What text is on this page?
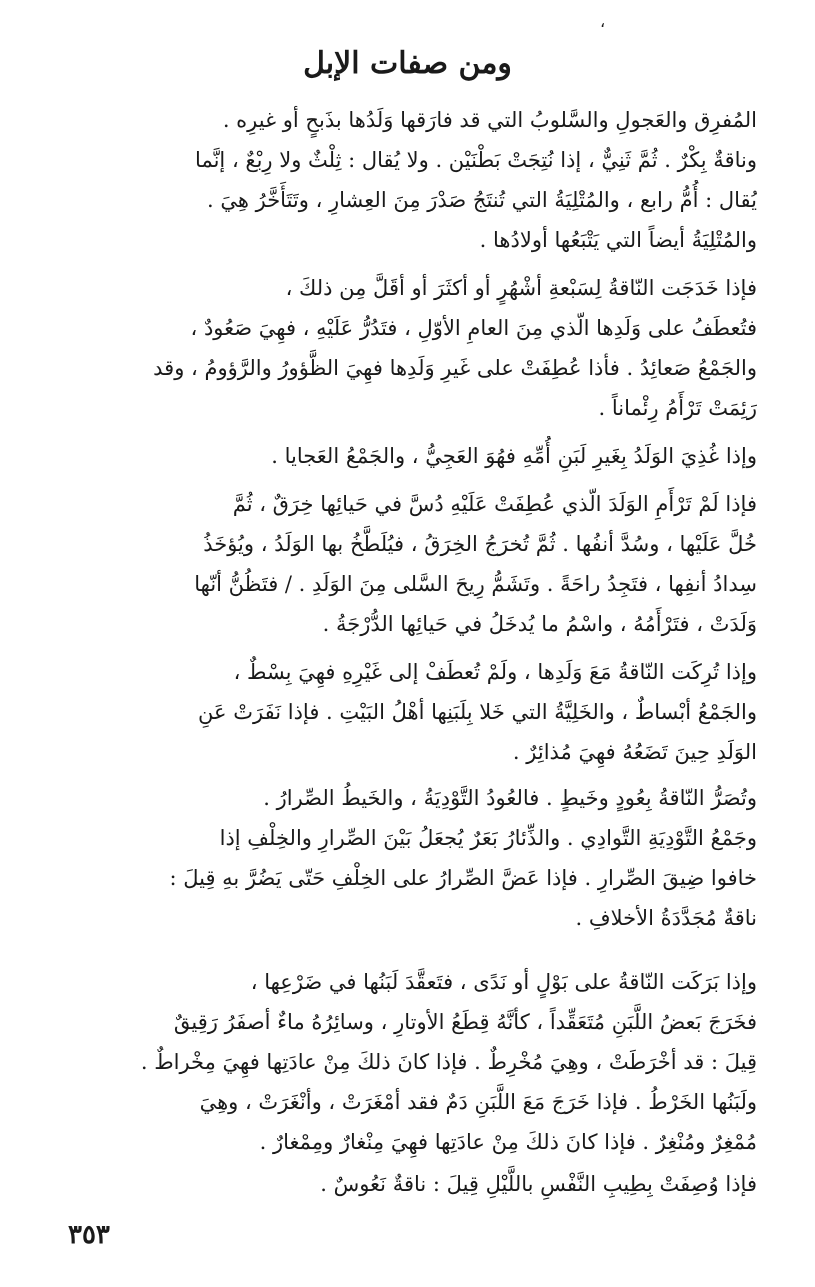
،
ومن صفات الإبل
المُفرِق والعَجولِ والسَّلوبُ التي قد فارَقها وَلَدُها بذَبحٍ أو غيرِه .
وناقةٌ بِكْرٌ . ثُمَّ ثَنِيٌّ ، إذا نُتِجَتْ بَطْنَيْن . ولا يُقال : ثِلْثٌ ولا رِبْعٌ ، إنَّما
يُقال : أُمُّ رابع ، والمُتْلِيَةُ التي تُنتَجُ صَدْرَ مِنَ العِشارِ ، وتَتَأَخَّرُ هِيَ .
والمُتْلِيَةُ أيضاً التي يَتْبَعُها أولادُها .
فإذا خَدَجَت النّاقةُ لِسَبْعةِ أشْهُرٍ أو أكثَرَ أو أقَلَّ مِن ذلكَ ،
فتُعطَفُ على وَلَدِها الّذي مِنَ العامِ الأوّلِ ، فتَدُرُّ عَلَيْهِ ، فهِيَ صَعُودٌ ،
والجَمْعُ صَعائِدُ . فأذا عُطِفَتْ على غَيرِ وَلَدِها فهِيَ الظَّؤورُ والرَّؤومُ ، وقد
رَئِمَتْ تَرْأَمُ رِئْماناً .
وإذا غُذِيَ الوَلَدُ بِغَيرِ لَبَنِ أُمِّهِ فهُوَ العَجِيُّ ، والجَمْعُ العَجايا .
فإذا لَمْ تَرْأَمِ الوَلَدَ الّذي عُطِفَتْ عَلَيْهِ دُسَّ في حَيائِها خِرَقٌ ، ثُمَّ
خُلَّ عَلَيْها ، وسُدَّ أنفُها . ثُمَّ تُخرَجُ الخِرَقُ ، فيُلَطَّخُ بها الوَلَدُ ، ويُؤخَذُ
سِدادُ أنفِها ، فتَجِدُ راحَةً . وتَشَمُّ رِيحَ السَّلى مِنَ الوَلَدِ . / فتَظُنُّ أنّها
وَلَدَتْ ، فتَرْأَمُهُ ، واسْمُ ما يُدخَلُ في حَيائِها الدُّرْجَةُ .
وإذا تُرِكَت النّاقةُ مَعَ وَلَدِها ، ولَمْ تُعطَفْ إلى غَيْرِهِ فهِيَ بِسْطٌ ،
والجَمْعُ أبْساطٌ ، والخَلِيَّةُ التي خَلا بِلَبَنِها أهْلُ البَيْتِ . فإذا نَفَرَتْ عَنِ
الوَلَدِ حِينَ تَضَعُهُ فهِيَ مُذائِرٌ .
وتُصَرُّ النّاقةُ بِعُودٍ وخَيطٍ . فالعُودُ التَّوْدِيَةُ ، والخَيطُ الصِّرارُ .
وجَمْعُ التَّوْدِيَةِ التَّوادِي . والذِّئارُ بَعَرٌ يُجعَلُ بَيْنَ الصِّرارِ والخِلْفِ إذا
خافوا ضِيقَ الصِّرارِ . فإذا عَضَّ الصِّرارُ على الخِلْفِ حَتّى يَضُرَّ بهِ قِيلَ :
ناقةٌ مُجَدَّدَةُ الأخلافِ .
وإذا بَرَكَت النّاقةُ على بَوْلٍ أو نَدًى ، فتَعقَّدَ لَبَنُها في ضَرْعِها ،
فخَرَجَ بَعضُ اللَّبَنِ مُتَعَقِّداً ، كأنَّهُ قِطَعُ الأوتارِ ، وسائِرُهُ ماءٌ أصفَرُ رَقِيقٌ
قِيلَ : قد أخْرَطَتْ ، وهِيَ مُخْرِطٌ . فإذا كانَ ذلكَ مِنْ عادَتِها فهِيَ مِخْراطٌ .
ولَبَنُها الخَرْطُ . فإذا خَرَجَ مَعَ اللَّبَنِ دَمٌ فقد أمْغَرَتْ ، وأنْغَرَتْ ، وهِيَ
مُمْغِرٌ ومُنْغِرٌ . فإذا كانَ ذلكَ مِنْ عادَتِها فهِيَ مِنْغارٌ ومِمْغارٌ .
فإذا وُصِفَتْ بِطِيبِ النَّفْسِ باللَّيْلِ قِيلَ : ناقةٌ نَعُوسٌ .
٣٥٣
